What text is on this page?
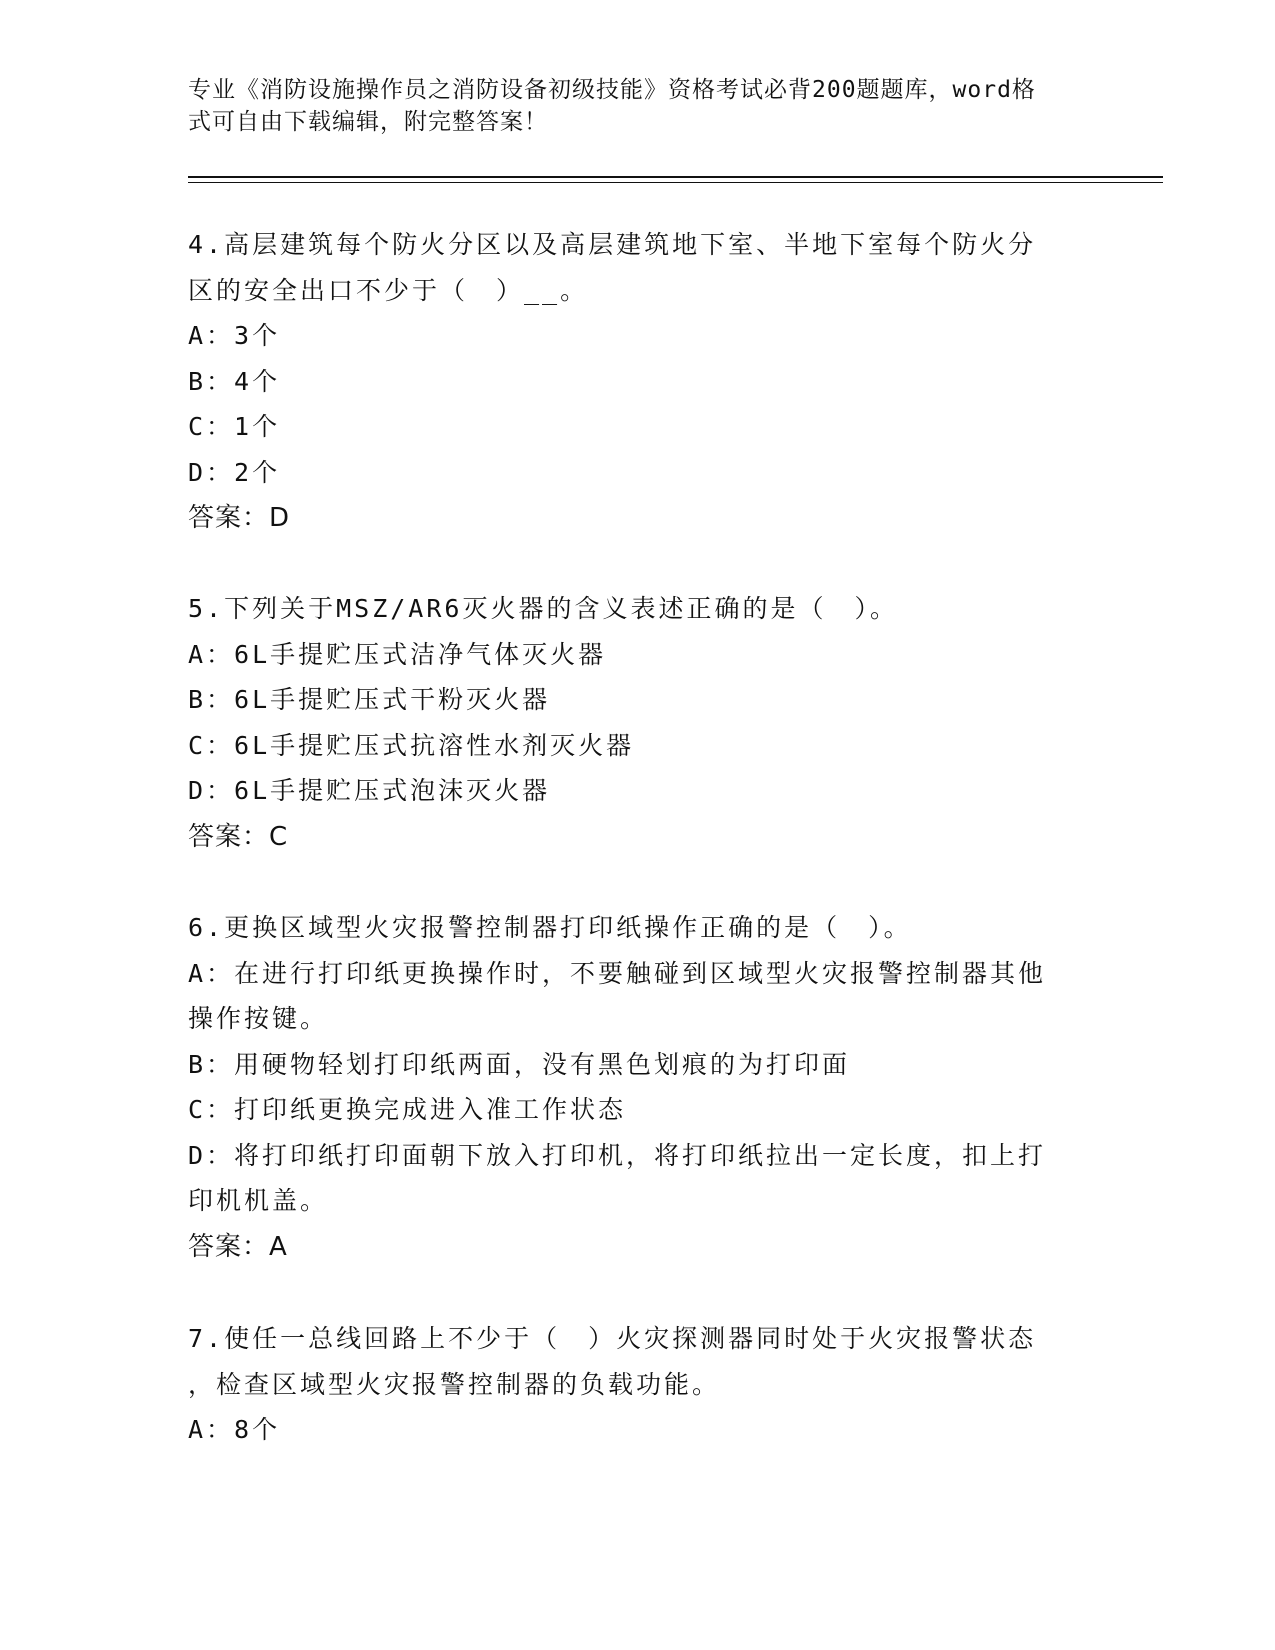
专业《消防设施操作员之消防设备初级技能》资格考试必背200题题库，word格
式可自由下载编辑，附完整答案！
4.高层建筑每个防火分区以及高层建筑地下室、半地下室每个防火分
区的安全出口不少于（　）__。
A：3个
B：4个
C：1个
D：2个
答案：D
5.下列关于MSZ/AR6灭火器的含义表述正确的是（　）。
A：6L手提贮压式洁净气体灭火器
B：6L手提贮压式干粉灭火器
C：6L手提贮压式抗溶性水剂灭火器
D：6L手提贮压式泡沫灭火器
答案：C
6.更换区域型火灾报警控制器打印纸操作正确的是（　）。
A：在进行打印纸更换操作时，不要触碰到区域型火灾报警控制器其他
操作按键。
B：用硬物轻划打印纸两面，没有黑色划痕的为打印面
C：打印纸更换完成进入准工作状态
D：将打印纸打印面朝下放入打印机，将打印纸拉出一定长度，扣上打
印机机盖。
答案：A
7.使任一总线回路上不少于（　）火灾探测器同时处于火灾报警状态
，检查区域型火灾报警控制器的负载功能。
A：8个
